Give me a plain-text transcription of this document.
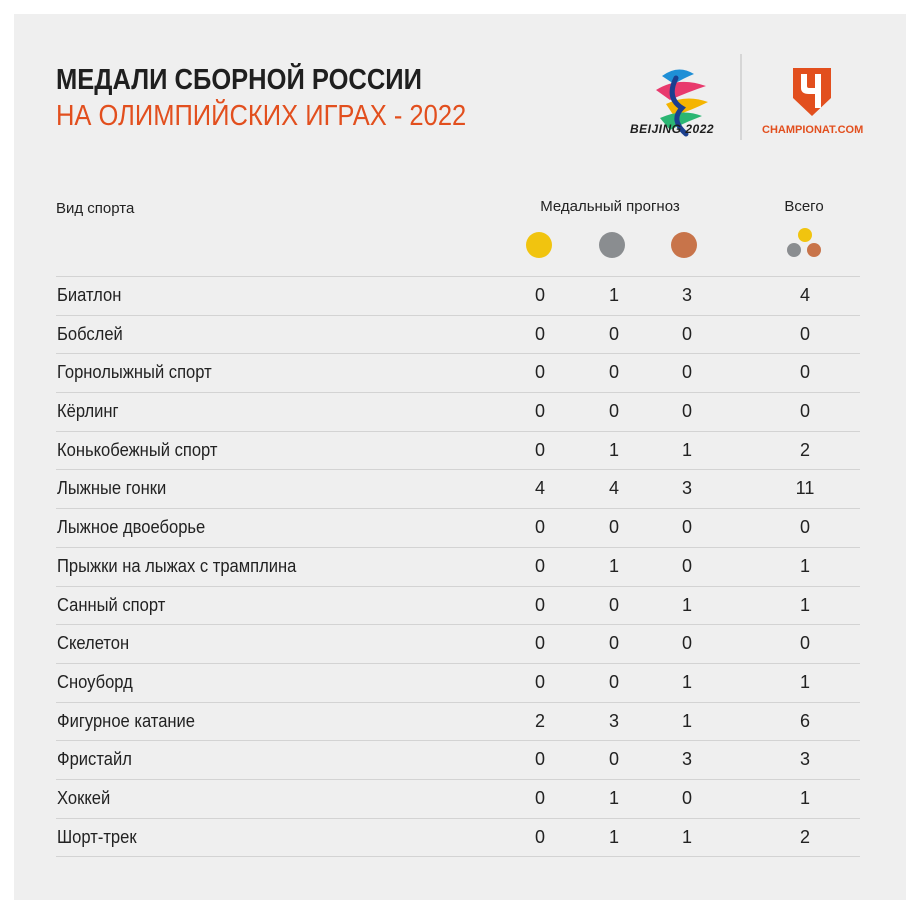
МЕДАЛИ СБОРНОЙ РОССИИ
НА ОЛИМПИЙСКИХ ИГРАХ - 2022	BEIJING 2022	CHAMPIONAT.COM
Вид спорта	Медальный прогноз	Всего
Биатлон	0	1	3	4
Бобслей	0	0	0	0
Горнолыжный спорт	0	0	0	0
Кёрлинг	0	0	0	0
Конькобежный спорт	0	1	1	2
Лыжные гонки	4	4	3	11
Лыжное двоеборье	0	0	0	0
Прыжки на лыжах с трамплина	0	1	0	1
Санный спорт	0	0	1	1
Скелетон	0	0	0	0
Сноуборд	0	0	1	1
Фигурное катание	2	3	1	6
Фристайл	0	0	3	3
Хоккей	0	1	0	1
Шорт-трек	0	1	1	2
